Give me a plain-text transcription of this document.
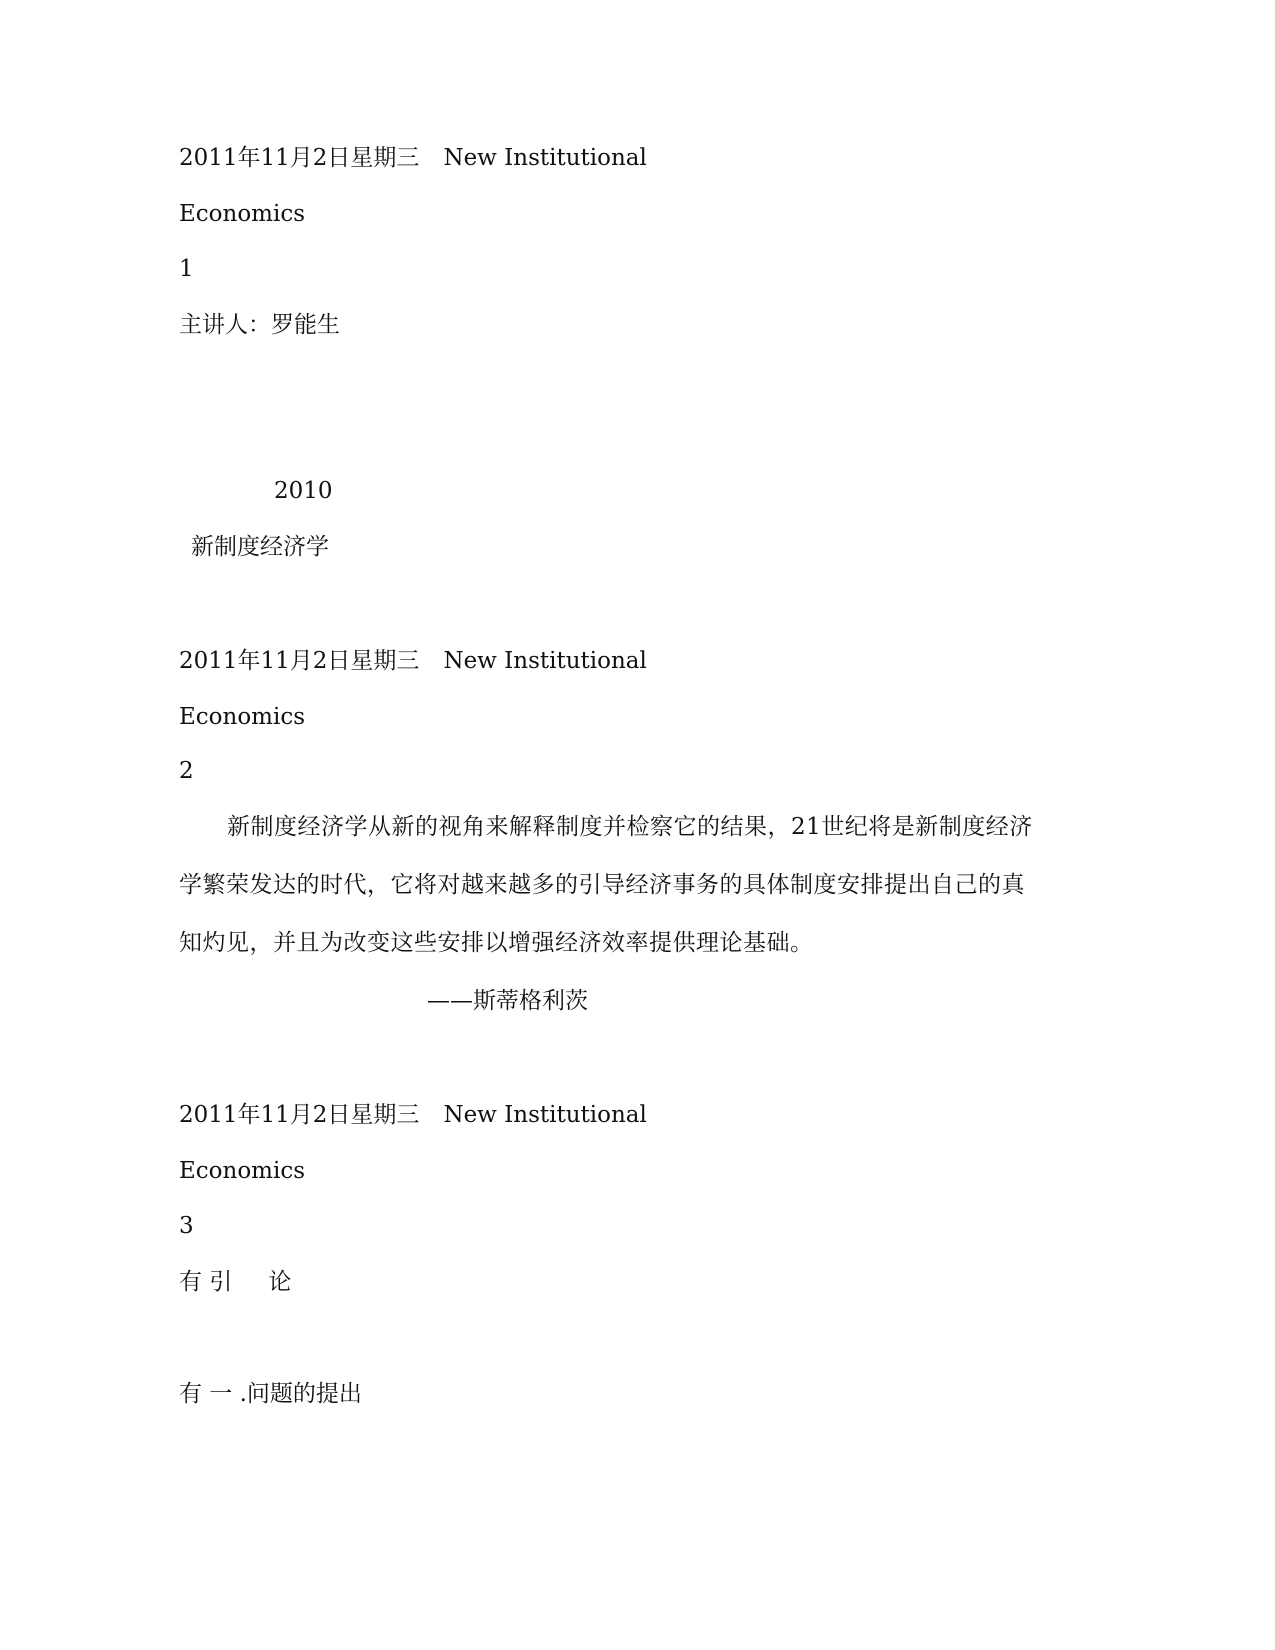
2011年11月2日星期三 New Institutional
Economics
1
主讲人：罗能生
2010
新制度经济学
2011年11月2日星期三 New Institutional
Economics
2
新制度经济学从新的视角来解释制度并检察它的结果，21世纪将是新制度经济学繁荣发达的时代，它将对越来越多的引导经济事务的具体制度安排提出自己的真知灼见，并且为改变这些安排以增强经济效率提供理论基础。
——斯蒂格利茨
2011年11月2日星期三 New Institutional
Economics
3
有 引 论
有 一 .问题的提出
